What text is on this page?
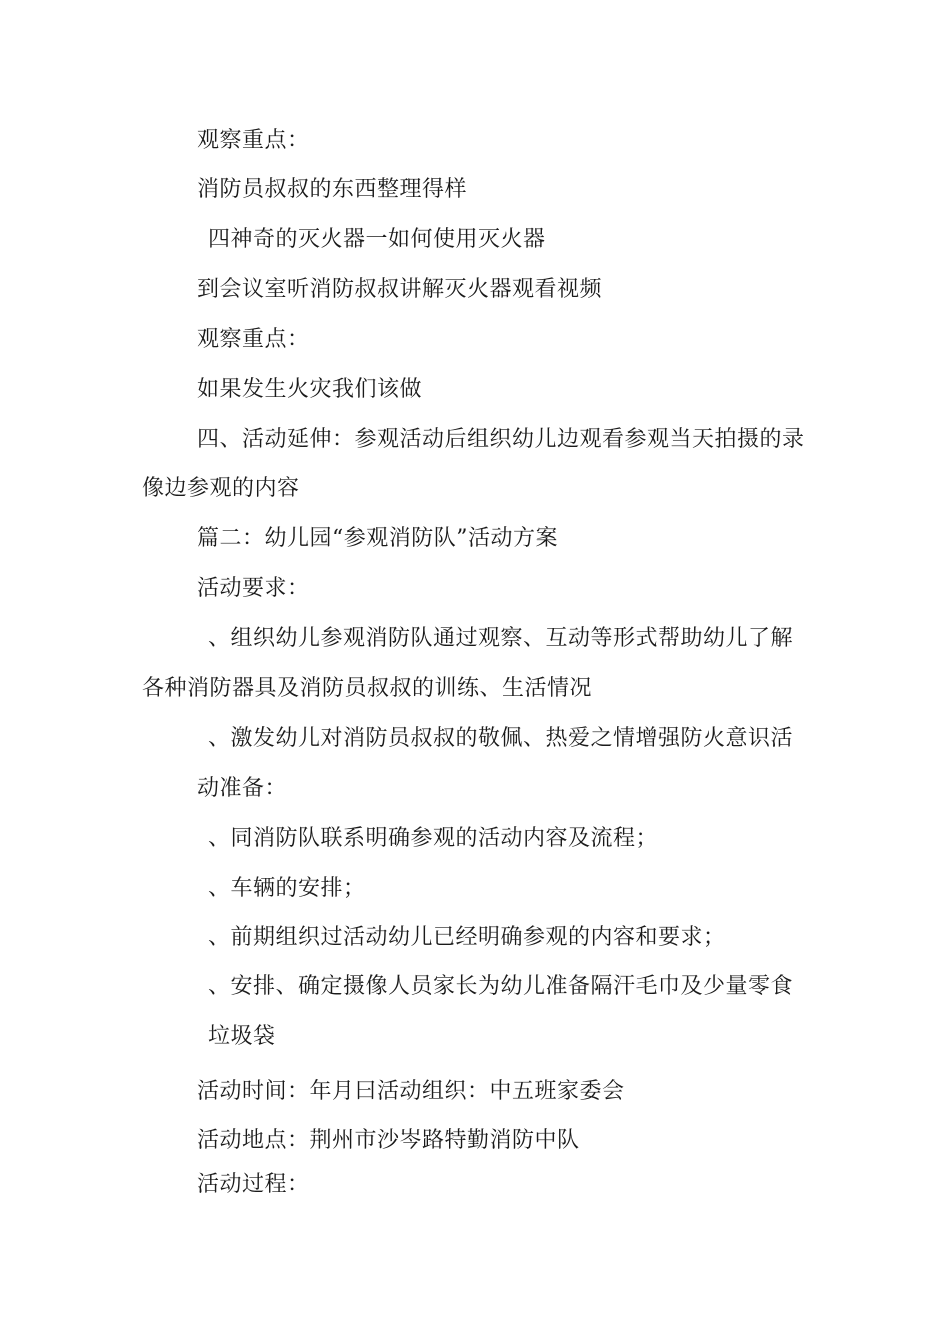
观察重点：

消防员叔叔的东西整理得样

四神奇的灭火器一如何使用灭火器

到会议室听消防叔叔讲解灭火器观看视频

观察重点：

如果发生火灾我们该做

四、活动延伸：参观活动后组织幼儿边观看参观当天拍摄的录

像边参观的内容

篇二：幼儿园“参观消防队”活动方案

活动要求：

、组织幼儿参观消防队通过观察、互动等形式帮助幼儿了解

各种消防器具及消防员叔叔的训练、生活情况

、激发幼儿对消防员叔叔的敬佩、热爱之情增强防火意识活

动准备：

、同消防队联系明确参观的活动内容及流程；

、车辆的安排；

、前期组织过活动幼儿已经明确参观的内容和要求；

、安排、确定摄像人员家长为幼儿准备隔汗毛巾及少量零食

垃圾袋

活动时间：年月曰活动组织：中五班家委会

活动地点：荆州市沙岑路特勤消防中队

活动过程：
